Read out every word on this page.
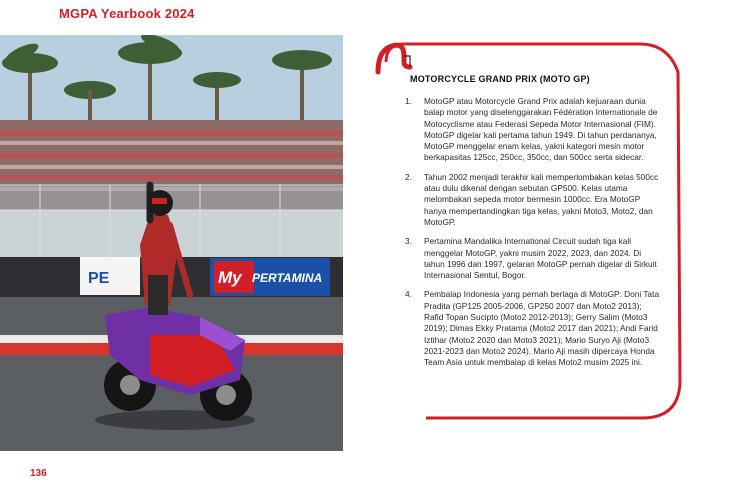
MGPA Yearbook 2024
PE	My PERTAMINA
MOTORCYCLE GRAND PRIX (MOTO GP)
1. MotoGP atau Motorcycle Grand Prix adalah kejuaraan dunia balap motor yang diselenggarakan Fédération Internationale de Motocyclisme atau Federasi Sepeda Motor Internasional (FIM). MotoGP digelar kali pertama tahun 1949. Di tahun perdananya, MotoGP menggelar enam kelas, yakni kategori mesin motor berkapasitas 125cc, 250cc, 350cc, dan 500cc serta sidecar.
2. Tahun 2002 menjadi terakhir kali memperlombakan kelas 500cc atau dulu dikenal dengan sebutan GP500. Kelas utama melombakan sepeda motor bermesin 1000cc. Era MotoGP hanya mempertandingkan tiga kelas, yakni Moto3, Moto2, dan MotoGP.
3. Pertamina Mandalika International Circuit sudah tiga kali menggelar MotoGP, yakni musim 2022, 2023, dan 2024. Di tahun 1996 dan 1997, gelaran MotoGP pernah digelar di Sirkuit Internasional Sentul, Bogor.
4. Pembalap Indonesia yang pernah berlaga di MotoGP: Doni Tata Pradita (GP125 2005-2006, GP250 2007 dan Moto2 2013); Rafid Topan Sucipto (Moto2 2012-2013); Gerry Salim (Moto3 2019); Dimas Ekky Pratama (Moto2 2017 dan 2021); Andi Farid Iztihar (Moto2 2020 dan Moto3 2021); Mario Suryo Aji (Moto3 2021-2023 dan Moto2 2024). Mario Aji masih dipercaya Honda Team Asia untuk membalap di kelas Moto2 musim 2025 ini.
136
